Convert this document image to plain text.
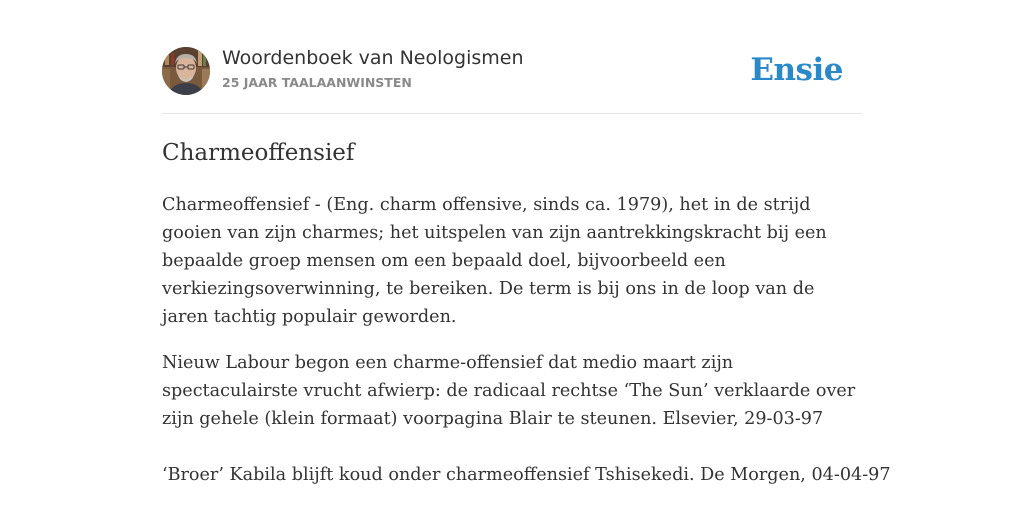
Woordenboek van Neologismen
25 JAAR TAALAANWINSTEN	Ensie
Charmeoffensief

Charmeoffensief - (Eng. charm offensive, sinds ca. 1979), het in de strijd gooien van zijn charmes; het uitspelen van zijn aantrekkingskracht bij een bepaalde groep mensen om een bepaald doel, bijvoorbeeld een verkiezingsoverwinning, te bereiken. De term is bij ons in de loop van de jaren tachtig populair geworden.

Nieuw Labour begon een charme-offensief dat medio maart zijn spectaculairste vrucht afwierp: de radicaal rechtse ‘The Sun’ verklaarde over zijn gehele (klein formaat) voorpagina Blair te steunen. Elsevier, 29-03-97

‘Broer’ Kabila blijft koud onder charmeoffensief Tshisekedi. De Morgen, 04-04-97
